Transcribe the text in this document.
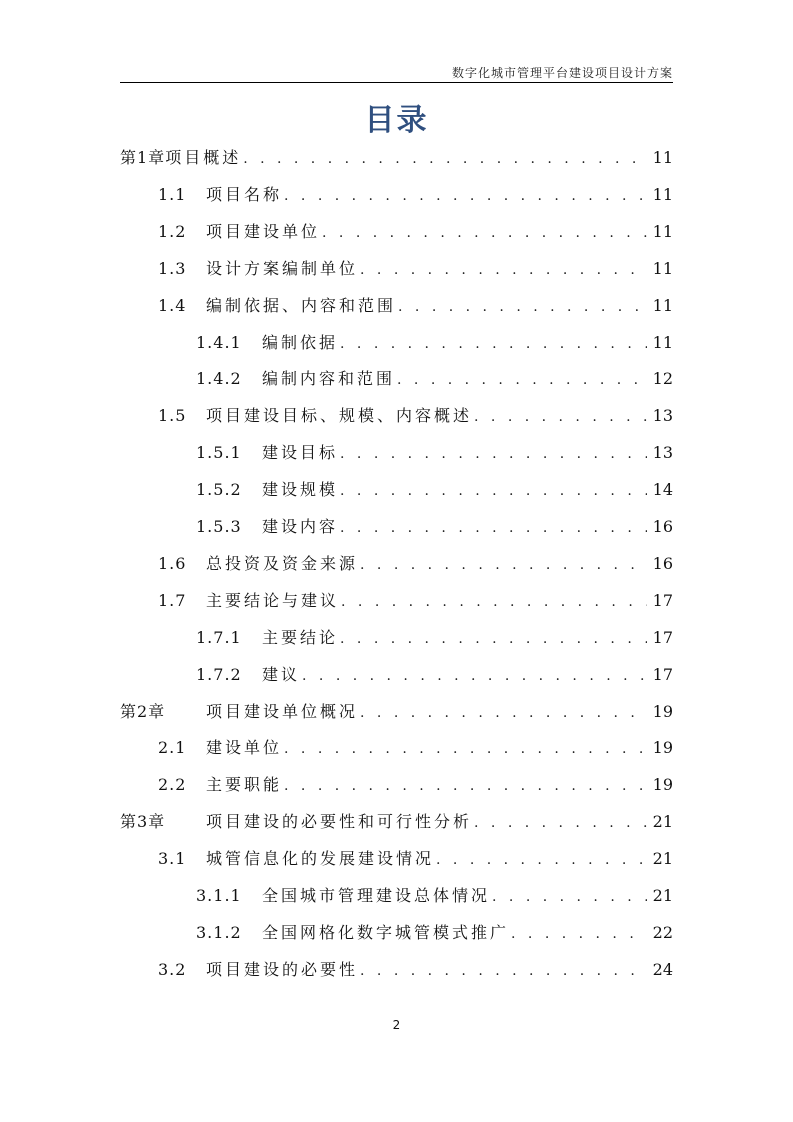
数字化城市管理平台建设项目设计方案
目录
第1章 项目概述 . . .	11
1.1	项目名称 . . .	11
1.2	项目建设单位 . . .	11
1.3	设计方案编制单位 . . .	11
1.4	编制依据、内容和范围 . . .	11
1.4.1	编制依据 . . .	11
1.4.2	编制内容和范围 . . .	12
1.5	项目建设目标、规模、内容概述 . . .	13
1.5.1	建设目标 . . .	13
1.5.2	建设规模 . . .	14
1.5.3	建设内容 . . .	16
1.6	总投资及资金来源 . . .	16
1.7	主要结论与建议 . . .	17
1.7.1	主要结论 . . .	17
1.7.2	建议 . . .	17
第2章	项目建设单位概况 . . .	19
2.1	建设单位 . . .	19
2.2	主要职能 . . .	19
第3章	项目建设的必要性和可行性分析 . . .	21
3.1	城管信息化的发展建设情况 . . .	21
3.1.1	全国城市管理建设总体情况 . . .	21
3.1.2	全国网格化数字城管模式推广 . . .	22
3.2	项目建设的必要性 . . .	24
2
